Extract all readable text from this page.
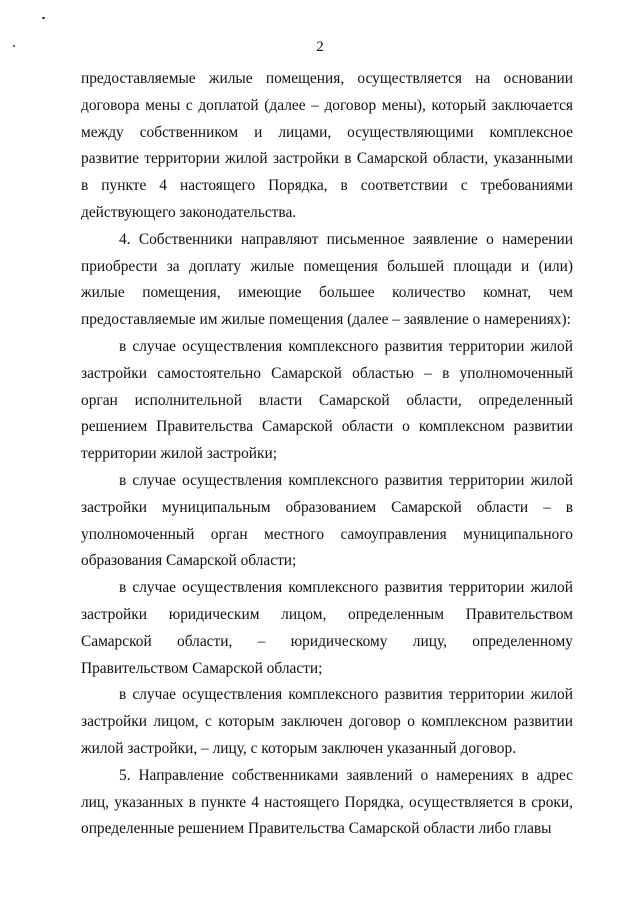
2

предоставляемые жилые помещения, осуществляется на основании договора мены с доплатой (далее – договор мены), который заключается между собственником и лицами, осуществляющими комплексное развитие территории жилой застройки в Самарской области, указанными в пункте 4 настоящего Порядка, в соответствии с требованиями действующего законодательства.

4. Собственники направляют письменное заявление о намерении приобрести за доплату жилые помещения большей площади и (или) жилые помещения, имеющие большее количество комнат, чем предоставляемые им жилые помещения (далее – заявление о намерениях):

в случае осуществления комплексного развития территории жилой застройки самостоятельно Самарской областью – в уполномоченный орган исполнительной власти Самарской области, определенный решением Правительства Самарской области о комплексном развитии территории жилой застройки;

в случае осуществления комплексного развития территории жилой застройки муниципальным образованием Самарской области – в уполномоченный орган местного самоуправления муниципального образования Самарской области;

в случае осуществления комплексного развития территории жилой застройки юридическим лицом, определенным Правительством Самарской области, – юридическому лицу, определенному Правительством Самарской области;

в случае осуществления комплексного развития территории жилой застройки лицом, с которым заключен договор о комплексном развитии жилой застройки, – лицу, с которым заключен указанный договор.

5. Направление собственниками заявлений о намерениях в адрес лиц, указанных в пункте 4 настоящего Порядка, осуществляется в сроки, определенные решением Правительства Самарской области либо главы
